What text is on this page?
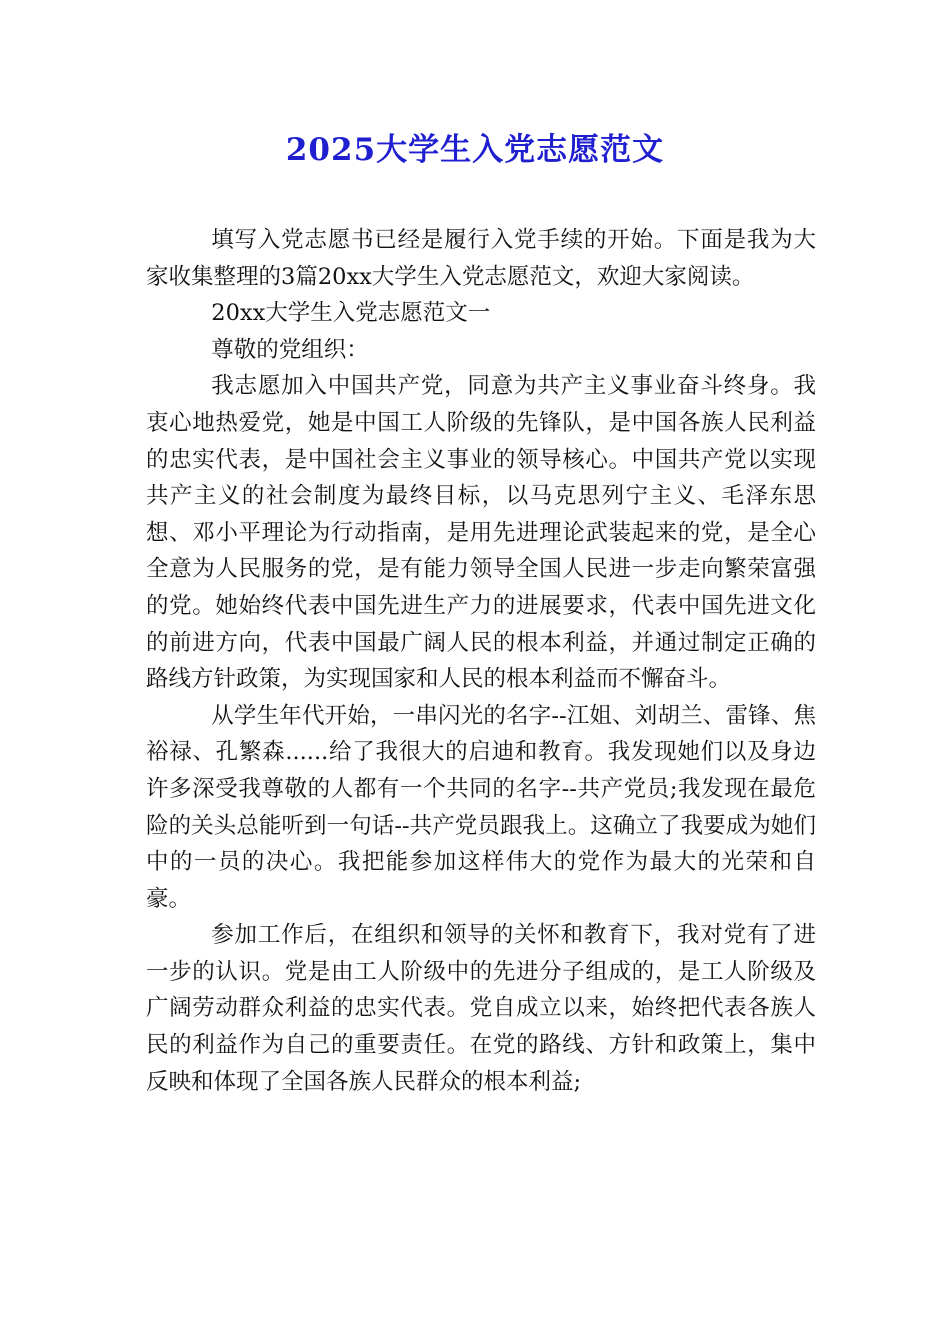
2025大学生入党志愿范文

填写入党志愿书已经是履行入党手续的开始。下面是我为大家收集整理的3篇20xx大学生入党志愿范文，欢迎大家阅读。

20xx大学生入党志愿范文一

尊敬的党组织：

我志愿加入中国共产党，同意为共产主义事业奋斗终身。我衷心地热爱党，她是中国工人阶级的先锋队，是中国各族人民利益的忠实代表，是中国社会主义事业的领导核心。中国共产党以实现共产主义的社会制度为最终目标，以马克思列宁主义、毛泽东思想、邓小平理论为行动指南，是用先进理论武装起来的党，是全心全意为人民服务的党，是有能力领导全国人民进一步走向繁荣富强的党。她始终代表中国先进生产力的进展要求，代表中国先进文化的前进方向，代表中国最广阔人民的根本利益，并通过制定正确的路线方针政策，为实现国家和人民的根本利益而不懈奋斗。

从学生年代开始，一串闪光的名字--江姐、刘胡兰、雷锋、焦裕禄、孔繁森......给了我很大的启迪和教育。我发现她们以及身边许多深受我尊敬的人都有一个共同的名字--共产党员;我发现在最危险的关头总能听到一句话--共产党员跟我上。这确立了我要成为她们中的一员的决心。我把能参加这样伟大的党作为最大的光荣和自豪。

参加工作后，在组织和领导的关怀和教育下，我对党有了进一步的认识。党是由工人阶级中的先进分子组成的，是工人阶级及广阔劳动群众利益的忠实代表。党自成立以来，始终把代表各族人民的利益作为自己的重要责任。在党的路线、方针和政策上，集中反映和体现了全国各族人民群众的根本利益;
